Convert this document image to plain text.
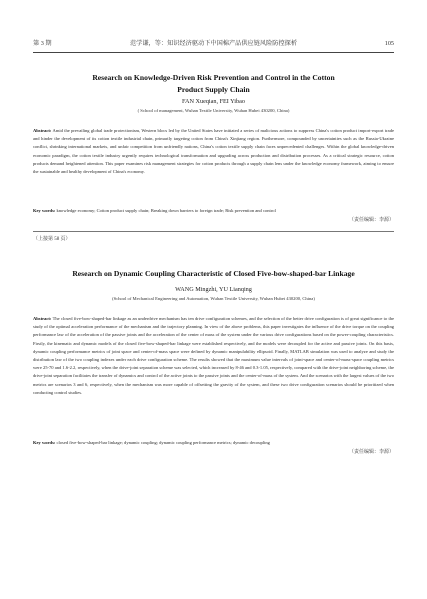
第 3 期	范学谦，等：知识经济驱动下中国棉产品供应链风险防控探析	105
Research on Knowledge-Driven Risk Prevention and Control in the Cotton
Product Supply Chain
FAN Xueqian, FEI Yibao
( School of management, Wuhan Textile University, Wuhan Hubei 430200, China)
Abstract: Amid the prevailing global trade protectionism, Western blocs led by the United States have initiated a series of malicious actions to suppress China's cotton product import-export trade and hinder the development of its cotton textile industrial chain, primarily targeting cotton from China's Xinjiang region. Furthermore, compounded by uncertainties such as the Russia-Ukraine conflict, shrinking international markets, and unfair competition from unfriendly nations, China's cotton textile supply chain faces unprecedented challenges. Within the global knowledge-driven economic paradigm, the cotton textile industry urgently requires technological transformation and upgrading across production and distribution processes. As a critical strategic resource, cotton products demand heightened attention. This paper examines risk management strategies for cotton products through a supply chain lens under the knowledge economy framework, aiming to ensure the sustainable and healthy development of China's economy.
Key words: knowledge economy; Cotton product supply chain; Breaking down barriers to foreign trade; Risk prevention and control
（责任编辑：李源）
（上接第 58 页）
Research on Dynamic Coupling Characteristic of Closed Five-bow-shaped-bar Linkage
WANG Mingzhi, YU Lianqing
(School of Mechanical Engineering and Automation, Wuhan Textile University, Wuhan Hubei 430200, China)
Abstract: The closed five-bow-shaped-bar linkage as an underdrive mechanism has ten drive configuration schemes, and the selection of the better drive configuration is of great significance to the study of the optimal acceleration performance of the mechanism and the trajectory planning. In view of the above problems, this paper investigates the influence of the drive torque on the coupling performance law of the acceleration of the passive joints and the acceleration of the center of mass of the system under the various drive configurations based on the power-coupling characteristics. Firstly, the kinematic and dynamic models of the closed five-bow-shaped-bar linkage were established respectively, and the models were decoupled for the active and passive joints. On this basis, dynamic coupling performance metrics of joint space and center-of-mass space were defined by dynamic manipulability ellipsoid. Finally, MATLAB simulation was used to analyze and study the distribution law of the two coupling indexes under each drive configuration scheme. The results showed that the maximum value intervals of joint-space and center-of-mass-space coupling metrics were 25-70 and 1.6-2.2, respectively, when the drive-joint separation scheme was selected, which increased by 8-46 and 0.3-1.05, respectively, compared with the drive-joint neighboring scheme, the drive-joint separation facilitates the transfer of dynamics and control of the active joints to the passive joints and the center-of-mass of the system. And the scenarios with the largest values of the two metrics are scenarios 3 and 6, respectively, when the mechanism was more capable of offsetting the gravity of the system, and these two drive configuration scenarios should be prioritized when conducting control studies.
Key words: closed five-bow-shaped-bar linkage; dynamic coupling; dynamic coupling performance metrics; dynamic decoupling
（责任编辑：李源）
